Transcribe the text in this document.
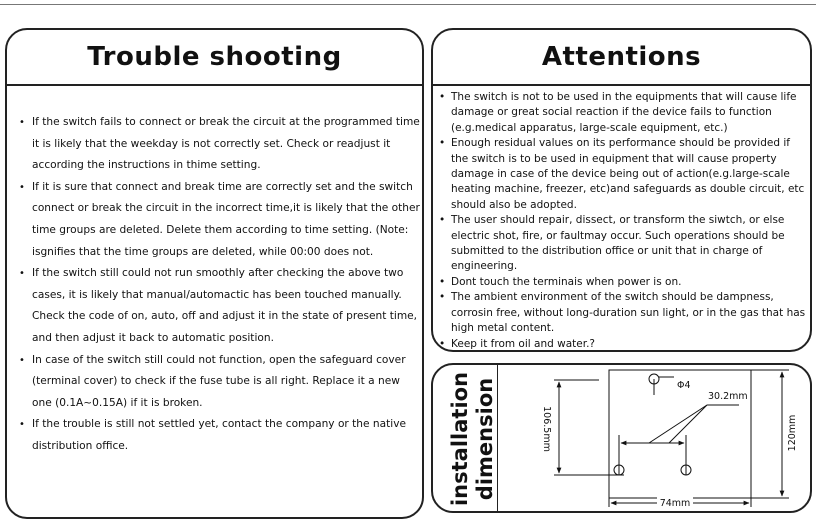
Trouble shooting
• If the switch fails to connect or break the circuit at the programmed time it is likely that the weekday is not correctly set. Check or readjust it according the instructions in thime setting.
• If it is sure that connect and break time are correctly set and the switch connect or break the circuit in the incorrect time,it is likely that the other time groups are deleted. Delete them according to time setting. (Note: isgnifies that the time groups are deleted, while 00:00 does not.
• If the switch still could not run smoothly after checking the above two cases, it is likely that manual/automactic has been touched manually. Check the code of on, auto, off and adjust it in the state of present time, and then adjust it back to automatic position.
• In case of the switch still could not function, open the safeguard cover (terminal cover) to check if the fuse tube is all right. Replace it a new one (0.1A~0.15A) if it is broken.
• If the trouble is still not settled yet, contact the company or the native distribution office.
Attentions
• The switch is not to be used in the equipments that will cause life damage or great social reaction if the device fails to function (e.g.medical apparatus, large-scale equipment, etc.)
• Enough residual values on its performance should be provided if the switch is to be used in equipment that will cause property damage in case of the device being out of action(e.g.large-scale heating machine, freezer, etc)and safeguards as double circuit, etc should also be adopted.
• The user should repair, dissect, or transform the siwtch, or else electric shot, fire, or faultmay occur. Such operations should be submitted to the distribution office or unit that in charge of engineering.
• Dont touch the terminais when power is on.
• The ambient environment of the switch should be dampness, corrosin free, without long-duration sun light, or in the gas that has high metal content.
• Keep it from oil and water.?
installation dimension	Φ4
30.2mm
106.5mm	120mm
74mm
